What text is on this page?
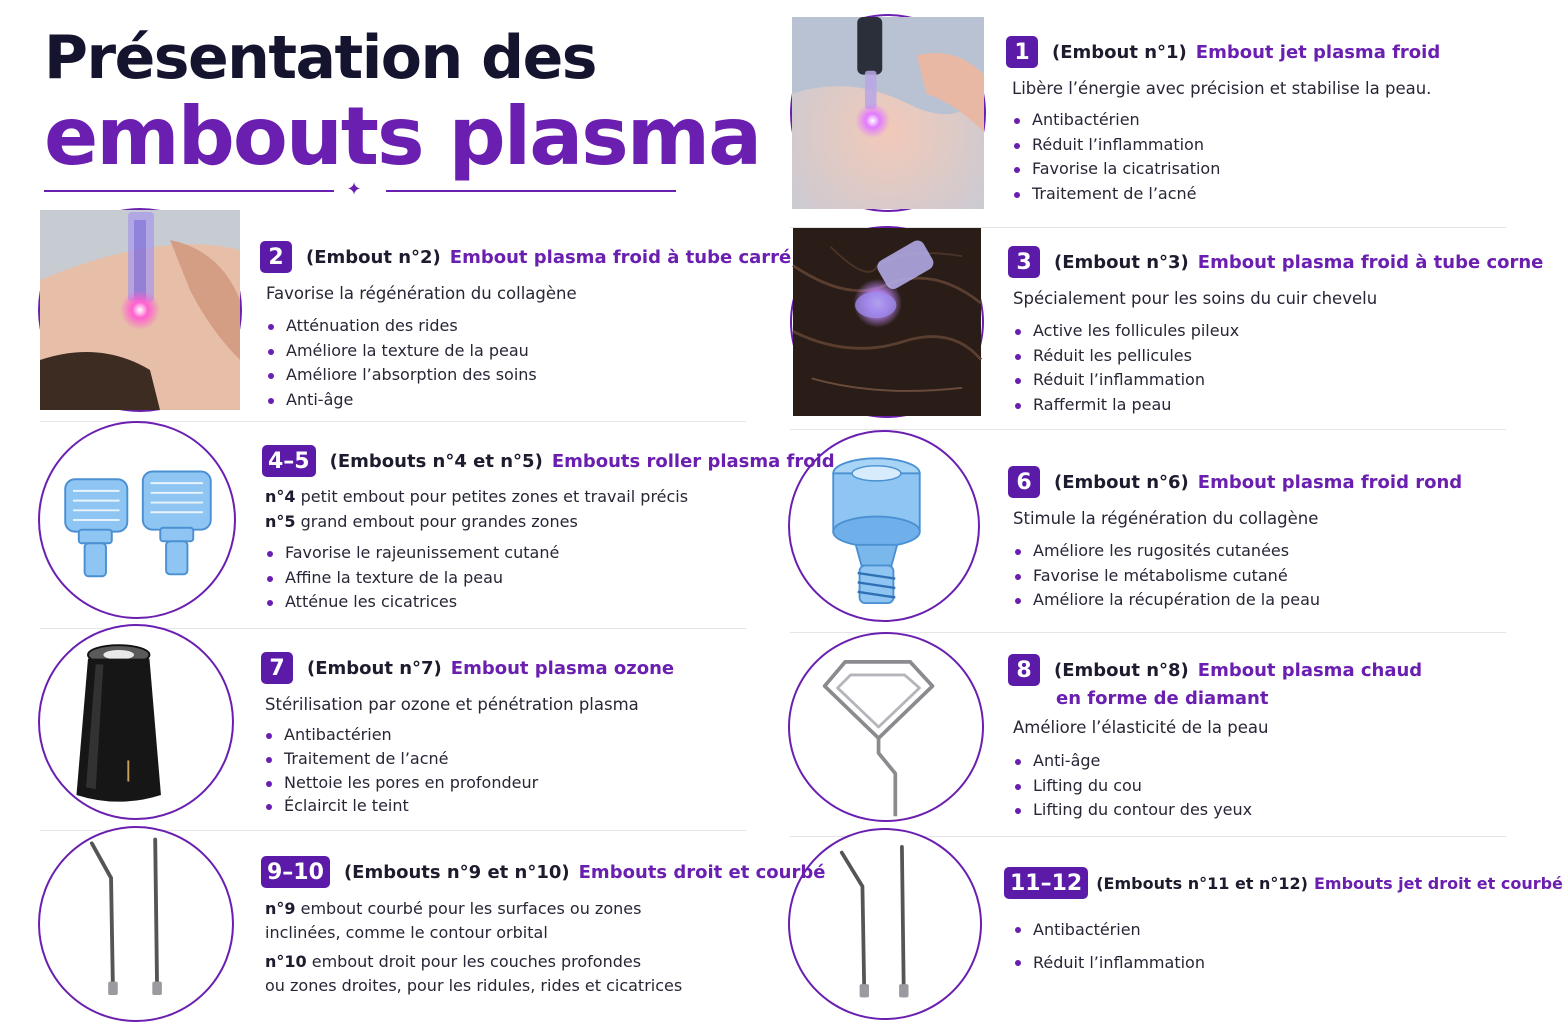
Présentation des
embouts plasma
✦
1	(Embout n°1) Embout jet plasma froid
Libère l’énergie avec précision et stabilise la peau.
Antibactérien
Réduit l’inflammation
Favorise la cicatrisation
Traitement de l’acné
2	(Embout n°2) Embout plasma froid à tube carré
Favorise la régénération du collagène
Atténuation des rides
Améliore la texture de la peau
Améliore l’absorption des soins
Anti-âge
3	(Embout n°3) Embout plasma froid à tube corne
Spécialement pour les soins du cuir chevelu
Active les follicules pileux
Réduit les pellicules
Réduit l’inflammation
Raffermit la peau
4–5	(Embouts n°4 et n°5) Embouts roller plasma froid
n°4 petit embout pour petites zones et travail précis
n°5 grand embout pour grandes zones
Favorise le rajeunissement cutané
Affine la texture de la peau
Atténue les cicatrices
6	(Embout n°6) Embout plasma froid rond
Stimule la régénération du collagène
Améliore les rugosités cutanées
Favorise le métabolisme cutané
Améliore la récupération de la peau
7	(Embout n°7) Embout plasma ozone
Stérilisation par ozone et pénétration plasma
Antibactérien
Traitement de l’acné
Nettoie les pores en profondeur
Éclaircit le teint
8	(Embout n°8) Embout plasma chaud
en forme de diamant
Améliore l’élasticité de la peau
Anti-âge
Lifting du cou
Lifting du contour des yeux
9–10	(Embouts n°9 et n°10) Embouts droit et courbé
n°9 embout courbé pour les surfaces ou zones
inclinées, comme le contour orbital
n°10 embout droit pour les couches profondes
ou zones droites, pour les ridules, rides et cicatrices
11–12 (Embouts n°11 et n°12) Embouts jet droit et courbé
Antibactérien
Réduit l’inflammation
